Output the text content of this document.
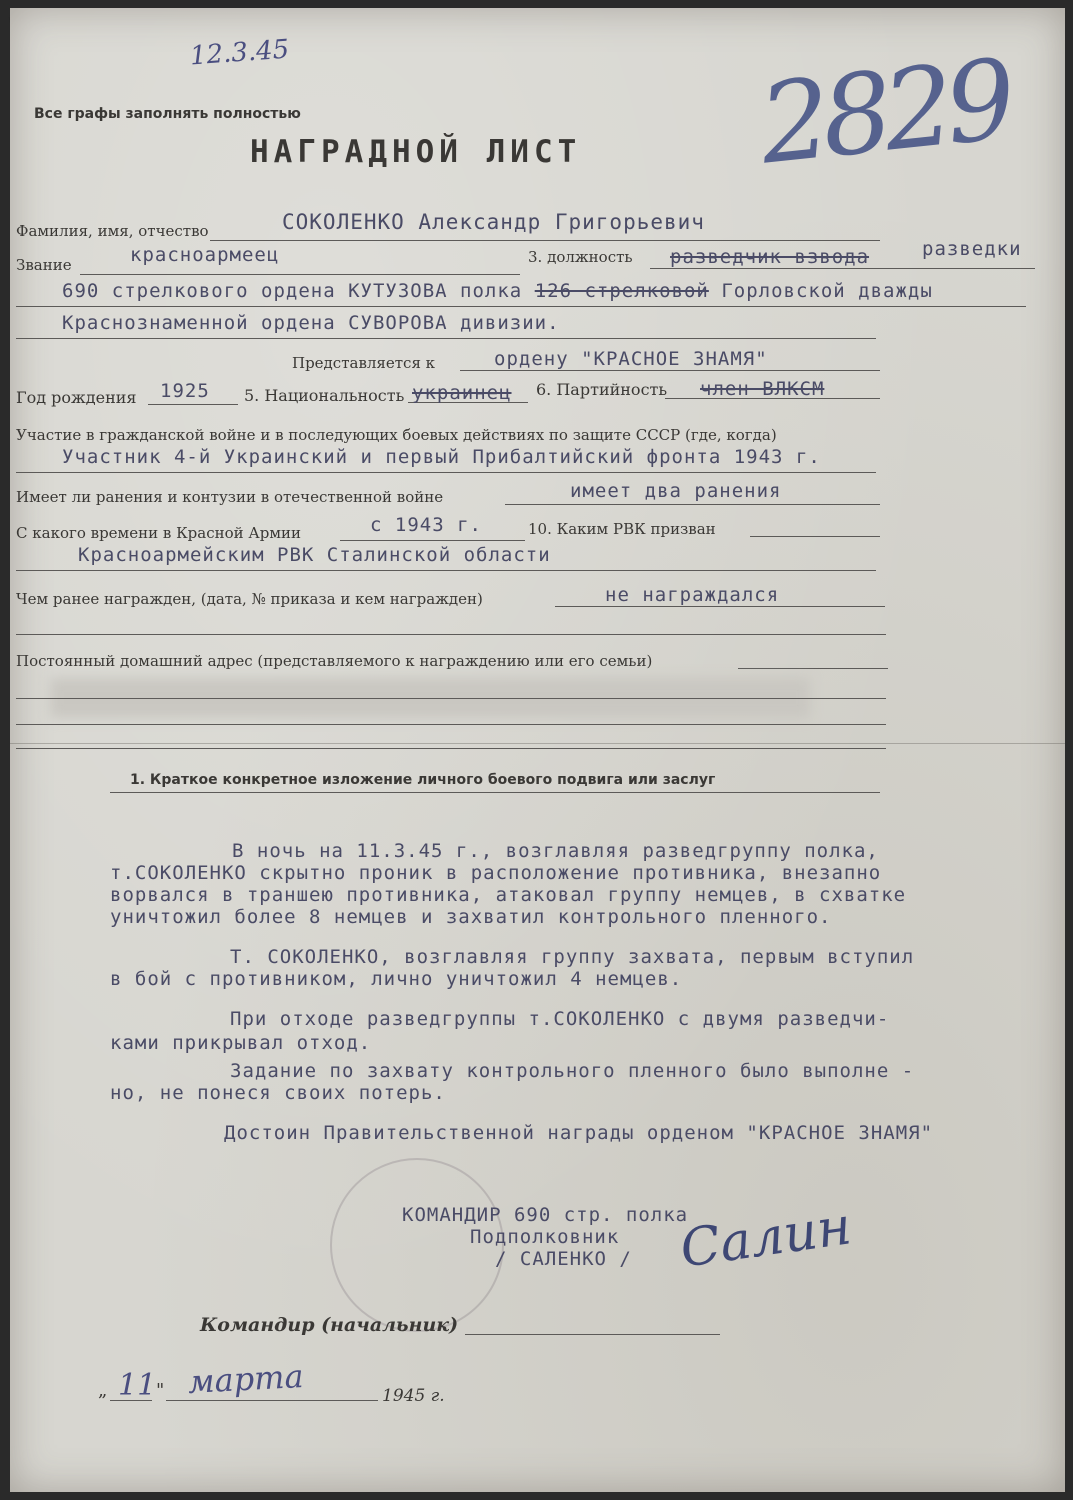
12.3.45	2829
Все графы заполнять полностью
НАГРАДНОЙ ЛИСТ
Фамилия, имя, отчество	СОКОЛЕНКО Александр Григорьевич
Звание	красноармеец	3. должность разведчик взвода	разведки
690 стрелкового ордена КУТУЗОВА полка 126 стрелковой Горловской дважды
Краснознаменной ордена СУВОРОВА дивизии.
Представляется к	ордену "КРАСНОЕ ЗНАМЯ"
Год рождения 1925 5. Национальность украинец 6. Партийность член ВЛКСМ
Участие в гражданской войне и в последующих боевых действиях по защите СССР (где, когда)
Участник 4-й Украинский и первый Прибалтийский фронта 1943 г.
Имеет ли ранения и контузии в отечественной войне	имеет два ранения
С какого времени в Красной Армии	с 1943 г.	10. Каким РВК призван
Красноармейским РВК Сталинской области
Чем ранее награжден, (дата, № приказа и кем награжден)	не награждался
Постоянный домашний адрес (представляемого к награждению или его семьи)
1. Краткое конкретное изложение личного боевого подвига или заслуг
В ночь на 11.3.45 г., возглавляя разведгруппу полка,
т.СОКОЛЕНКО скрытно проник в расположение противника, внезапно
ворвался в траншею противника, атаковал группу немцев, в схватке
уничтожил более 8 немцев и захватил контрольного пленного.
Т. СОКОЛЕНКО, возглавляя группу захвата, первым вступил
в бой с противником, лично уничтожил 4 немцев.
При отходе разведгруппы т.СОКОЛЕНКО с двумя разведчи-
ками прикрывал отход.
Задание по захвату контрольного пленного было выполне -
но, не понеся своих потерь.
Достоин Правительственной награды орденом "КРАСНОЕ ЗНАМЯ"
КОМАНДИР 690 стр. полка
Подполковник
/ САЛЕНКО / Салин
Командир (начальник)
„ 11 " марта	1945 г.
